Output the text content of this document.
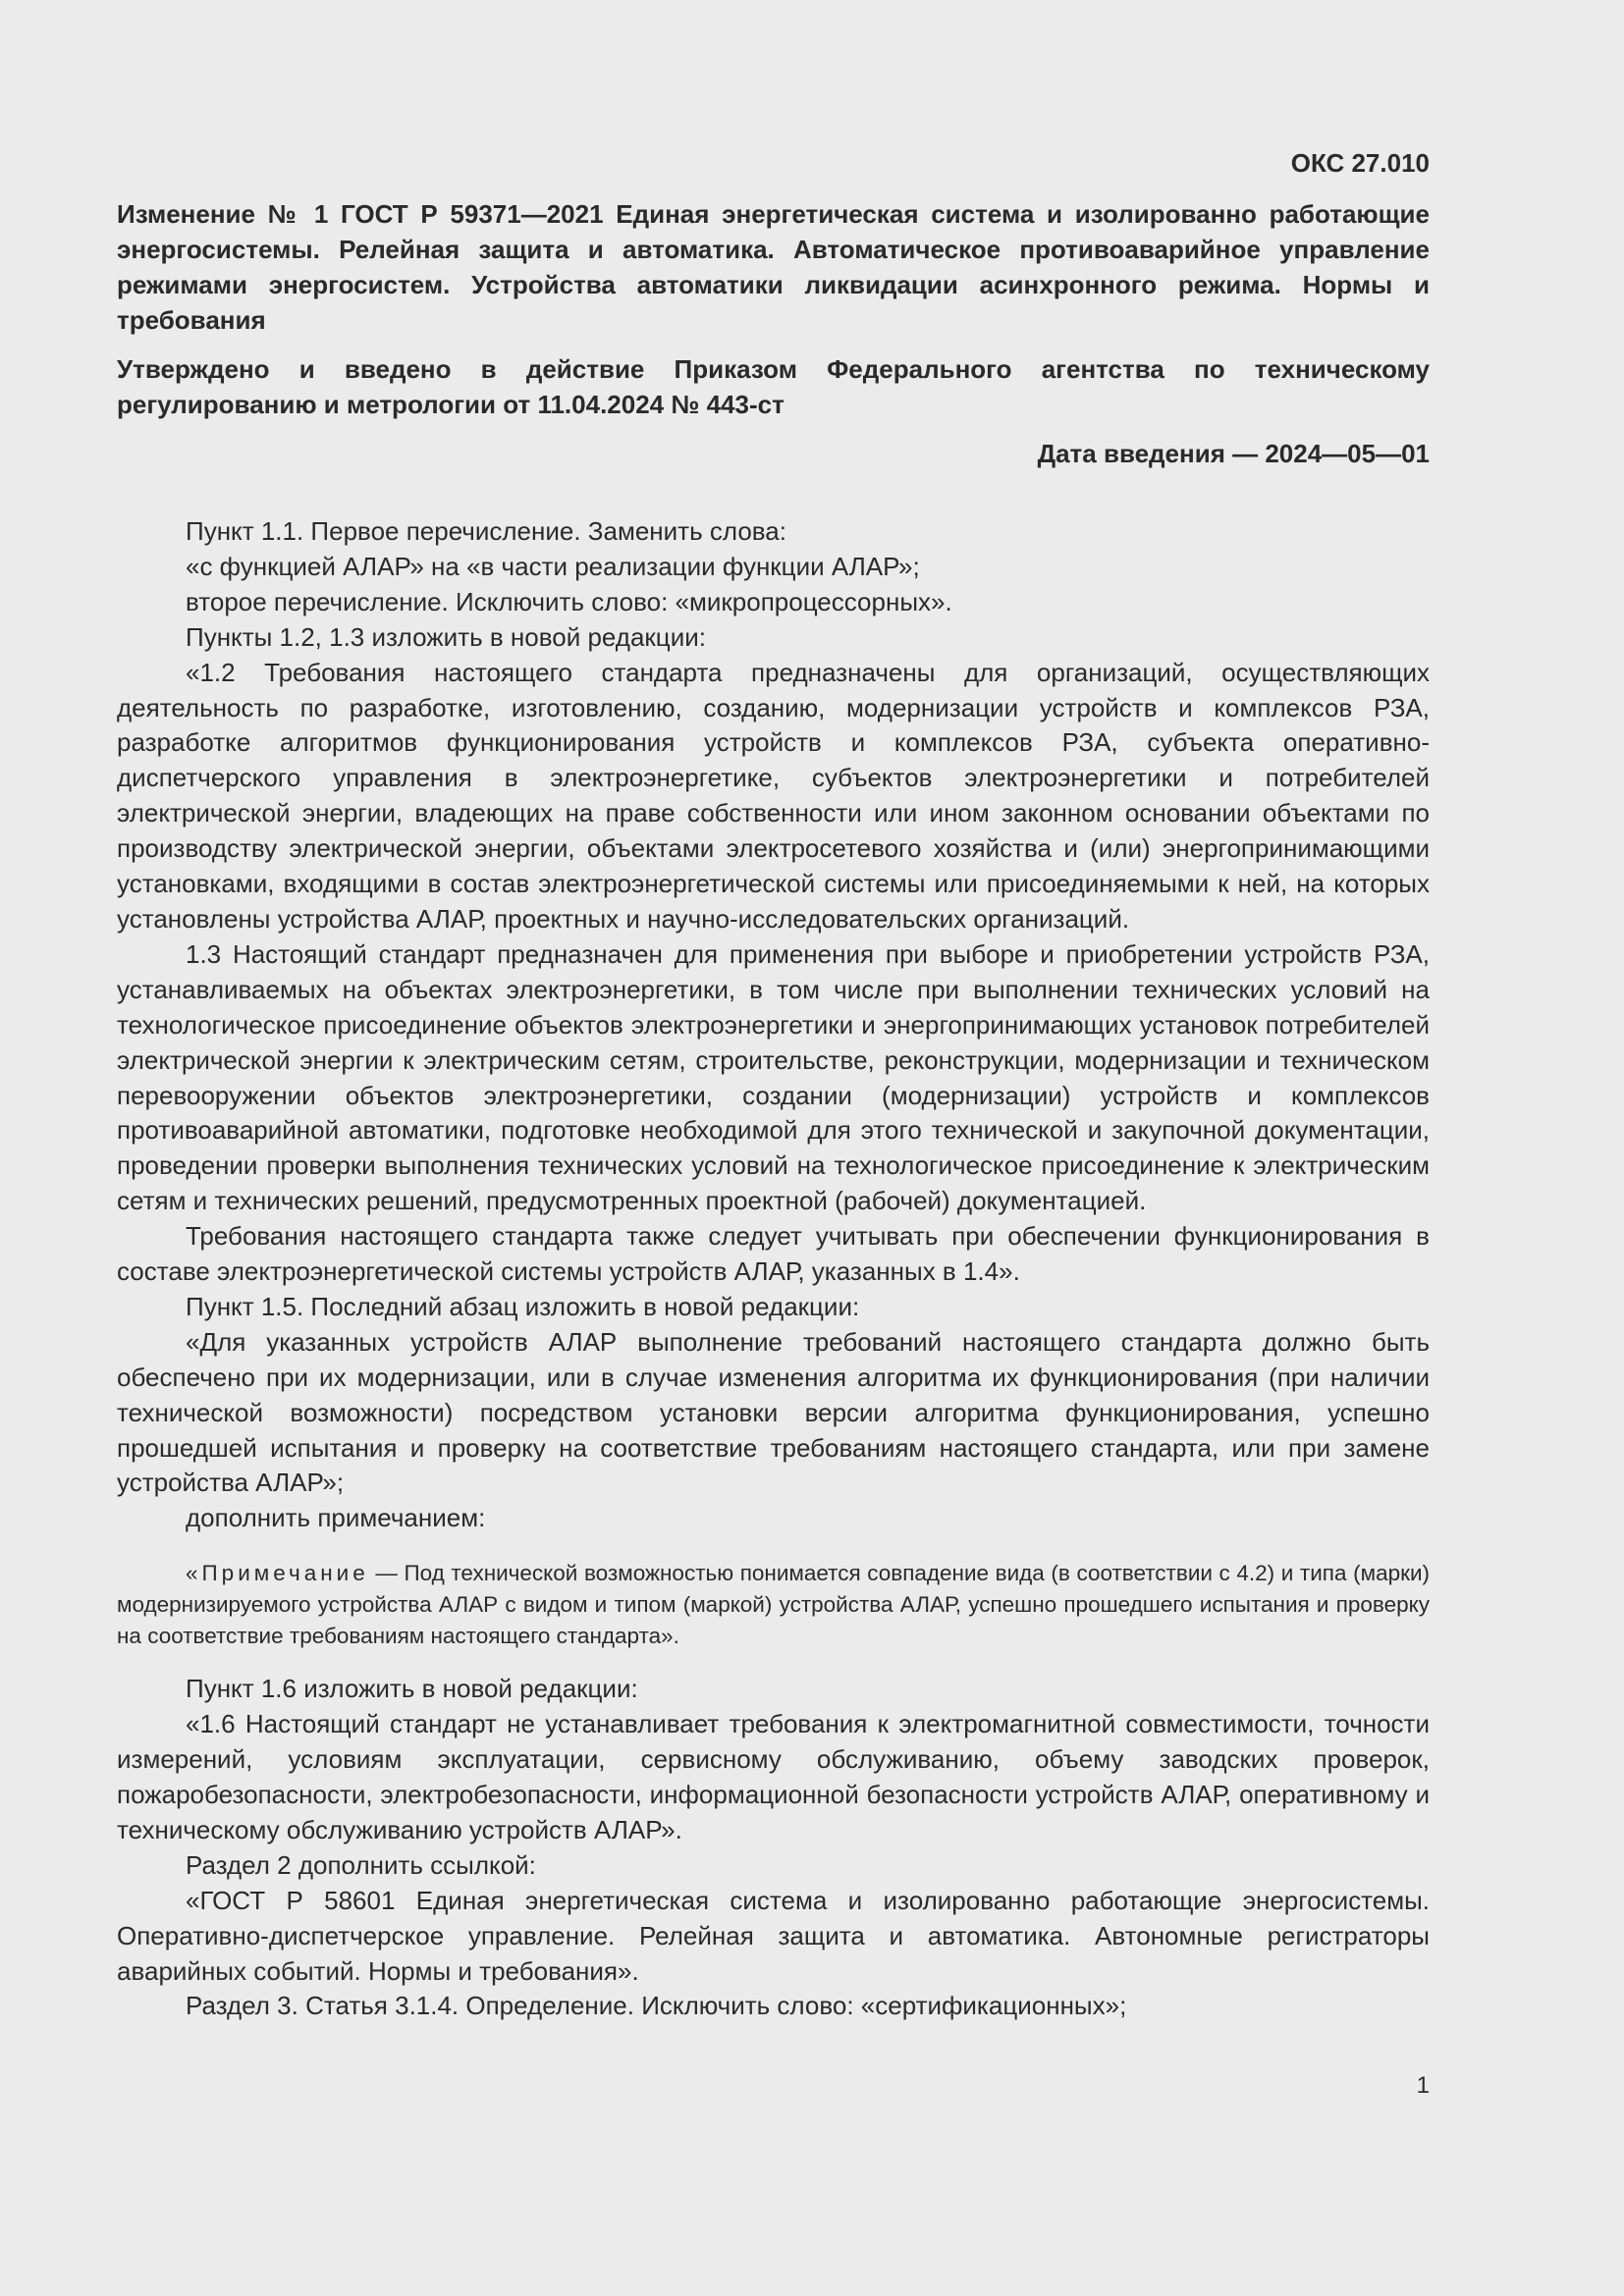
ОКС 27.010
Изменение № 1 ГОСТ Р 59371—2021 Единая энергетическая система и изолированно работающие энергосистемы. Релейная защита и автоматика. Автоматическое противоаварийное управление режимами энергосистем. Устройства автоматики ликвидации асинхронного режима. Нормы и требования
Утверждено и введено в действие Приказом Федерального агентства по техническому регулированию и метрологии от 11.04.2024 № 443-ст
Дата введения — 2024—05—01

Пункт 1.1. Первое перечисление. Заменить слова:

«с функцией АЛАР» на «в части реализации функции АЛАР»;

второе перечисление. Исключить слово: «микропроцессорных».

Пункты 1.2, 1.3 изложить в новой редакции:

«1.2 Требования настоящего стандарта предназначены для организаций, осуществляющих деятельность по разработке, изготовлению, созданию, модернизации устройств и комплексов РЗА, разработке алгоритмов функционирования устройств и комплексов РЗА, субъекта оперативно-диспетчерского управления в электроэнергетике, субъектов электроэнергетики и потребителей электрической энергии, владеющих на праве собственности или ином законном основании объектами по производству электрической энергии, объектами электросетевого хозяйства и (или) энергопринимающими установками, входящими в состав электроэнергетической системы или присоединяемыми к ней, на которых установлены устройства АЛАР, проектных и научно-исследовательских организаций.

1.3 Настоящий стандарт предназначен для применения при выборе и приобретении устройств РЗА, устанавливаемых на объектах электроэнергетики, в том числе при выполнении технических условий на технологическое присоединение объектов электроэнергетики и энергопринимающих установок потребителей электрической энергии к электрическим сетям, строительстве, реконструкции, модернизации и техническом перевооружении объектов электроэнергетики, создании (модернизации) устройств и комплексов противоаварийной автоматики, подготовке необходимой для этого технической и закупочной документации, проведении проверки выполнения технических условий на технологическое присоединение к электрическим сетям и технических решений, предусмотренных проектной (рабочей) документацией.

Требования настоящего стандарта также следует учитывать при обеспечении функционирования в составе электроэнергетической системы устройств АЛАР, указанных в 1.4».

Пункт 1.5. Последний абзац изложить в новой редакции:

«Для указанных устройств АЛАР выполнение требований настоящего стандарта должно быть обеспечено при их модернизации, или в случае изменения алгоритма их функционирования (при наличии технической возможности) посредством установки версии алгоритма функционирования, успешно прошедшей испытания и проверку на соответствие требованиям настоящего стандарта, или при замене устройства АЛАР»;

дополнить примечанием:

«Примечание — Под технической возможностью понимается совпадение вида (в соответствии с 4.2) и типа (марки) модернизируемого устройства АЛАР с видом и типом (маркой) устройства АЛАР, успешно прошедшего испытания и проверку на соответствие требованиям настоящего стандарта».

Пункт 1.6 изложить в новой редакции:

«1.6 Настоящий стандарт не устанавливает требования к электромагнитной совместимости, точности измерений, условиям эксплуатации, сервисному обслуживанию, объему заводских проверок, пожаробезопасности, электробезопасности, информационной безопасности устройств АЛАР, оперативному и техническому обслуживанию устройств АЛАР».

Раздел 2 дополнить ссылкой:

«ГОСТ Р 58601 Единая энергетическая система и изолированно работающие энергосистемы. Оперативно-диспетчерское управление. Релейная защита и автоматика. Автономные регистраторы аварийных событий. Нормы и требования».

Раздел 3. Статья 3.1.4. Определение. Исключить слово: «сертификационных»;

1
